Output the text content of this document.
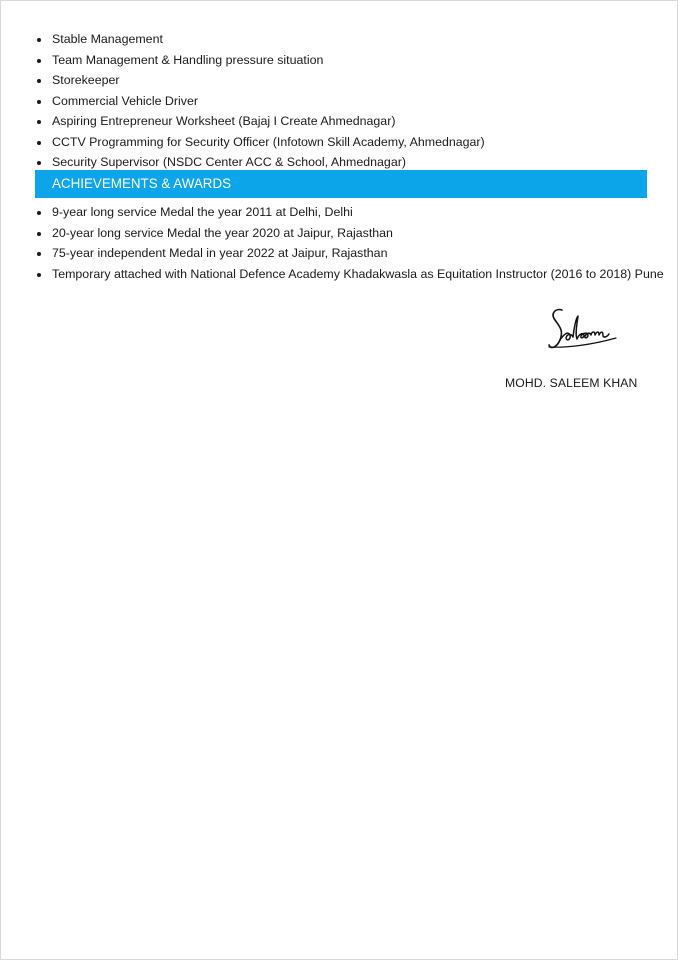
Stable Management
Team Management & Handling pressure situation
Storekeeper
Commercial Vehicle Driver
Aspiring Entrepreneur Worksheet (Bajaj I Create Ahmednagar)
CCTV Programming for Security Officer (Infotown Skill Academy, Ahmednagar)
Security Supervisor (NSDC Center ACC & School, Ahmednagar)
ACHIEVEMENTS & AWARDS
9-year long service Medal the year 2011 at Delhi, Delhi
20-year long service Medal the year 2020 at Jaipur, Rajasthan
75-year independent Medal in year 2022 at Jaipur, Rajasthan
Temporary attached with National Defence Academy Khadakwasla as Equitation Instructor (2016 to 2018) Pune
MOHD. SALEEM KHAN
